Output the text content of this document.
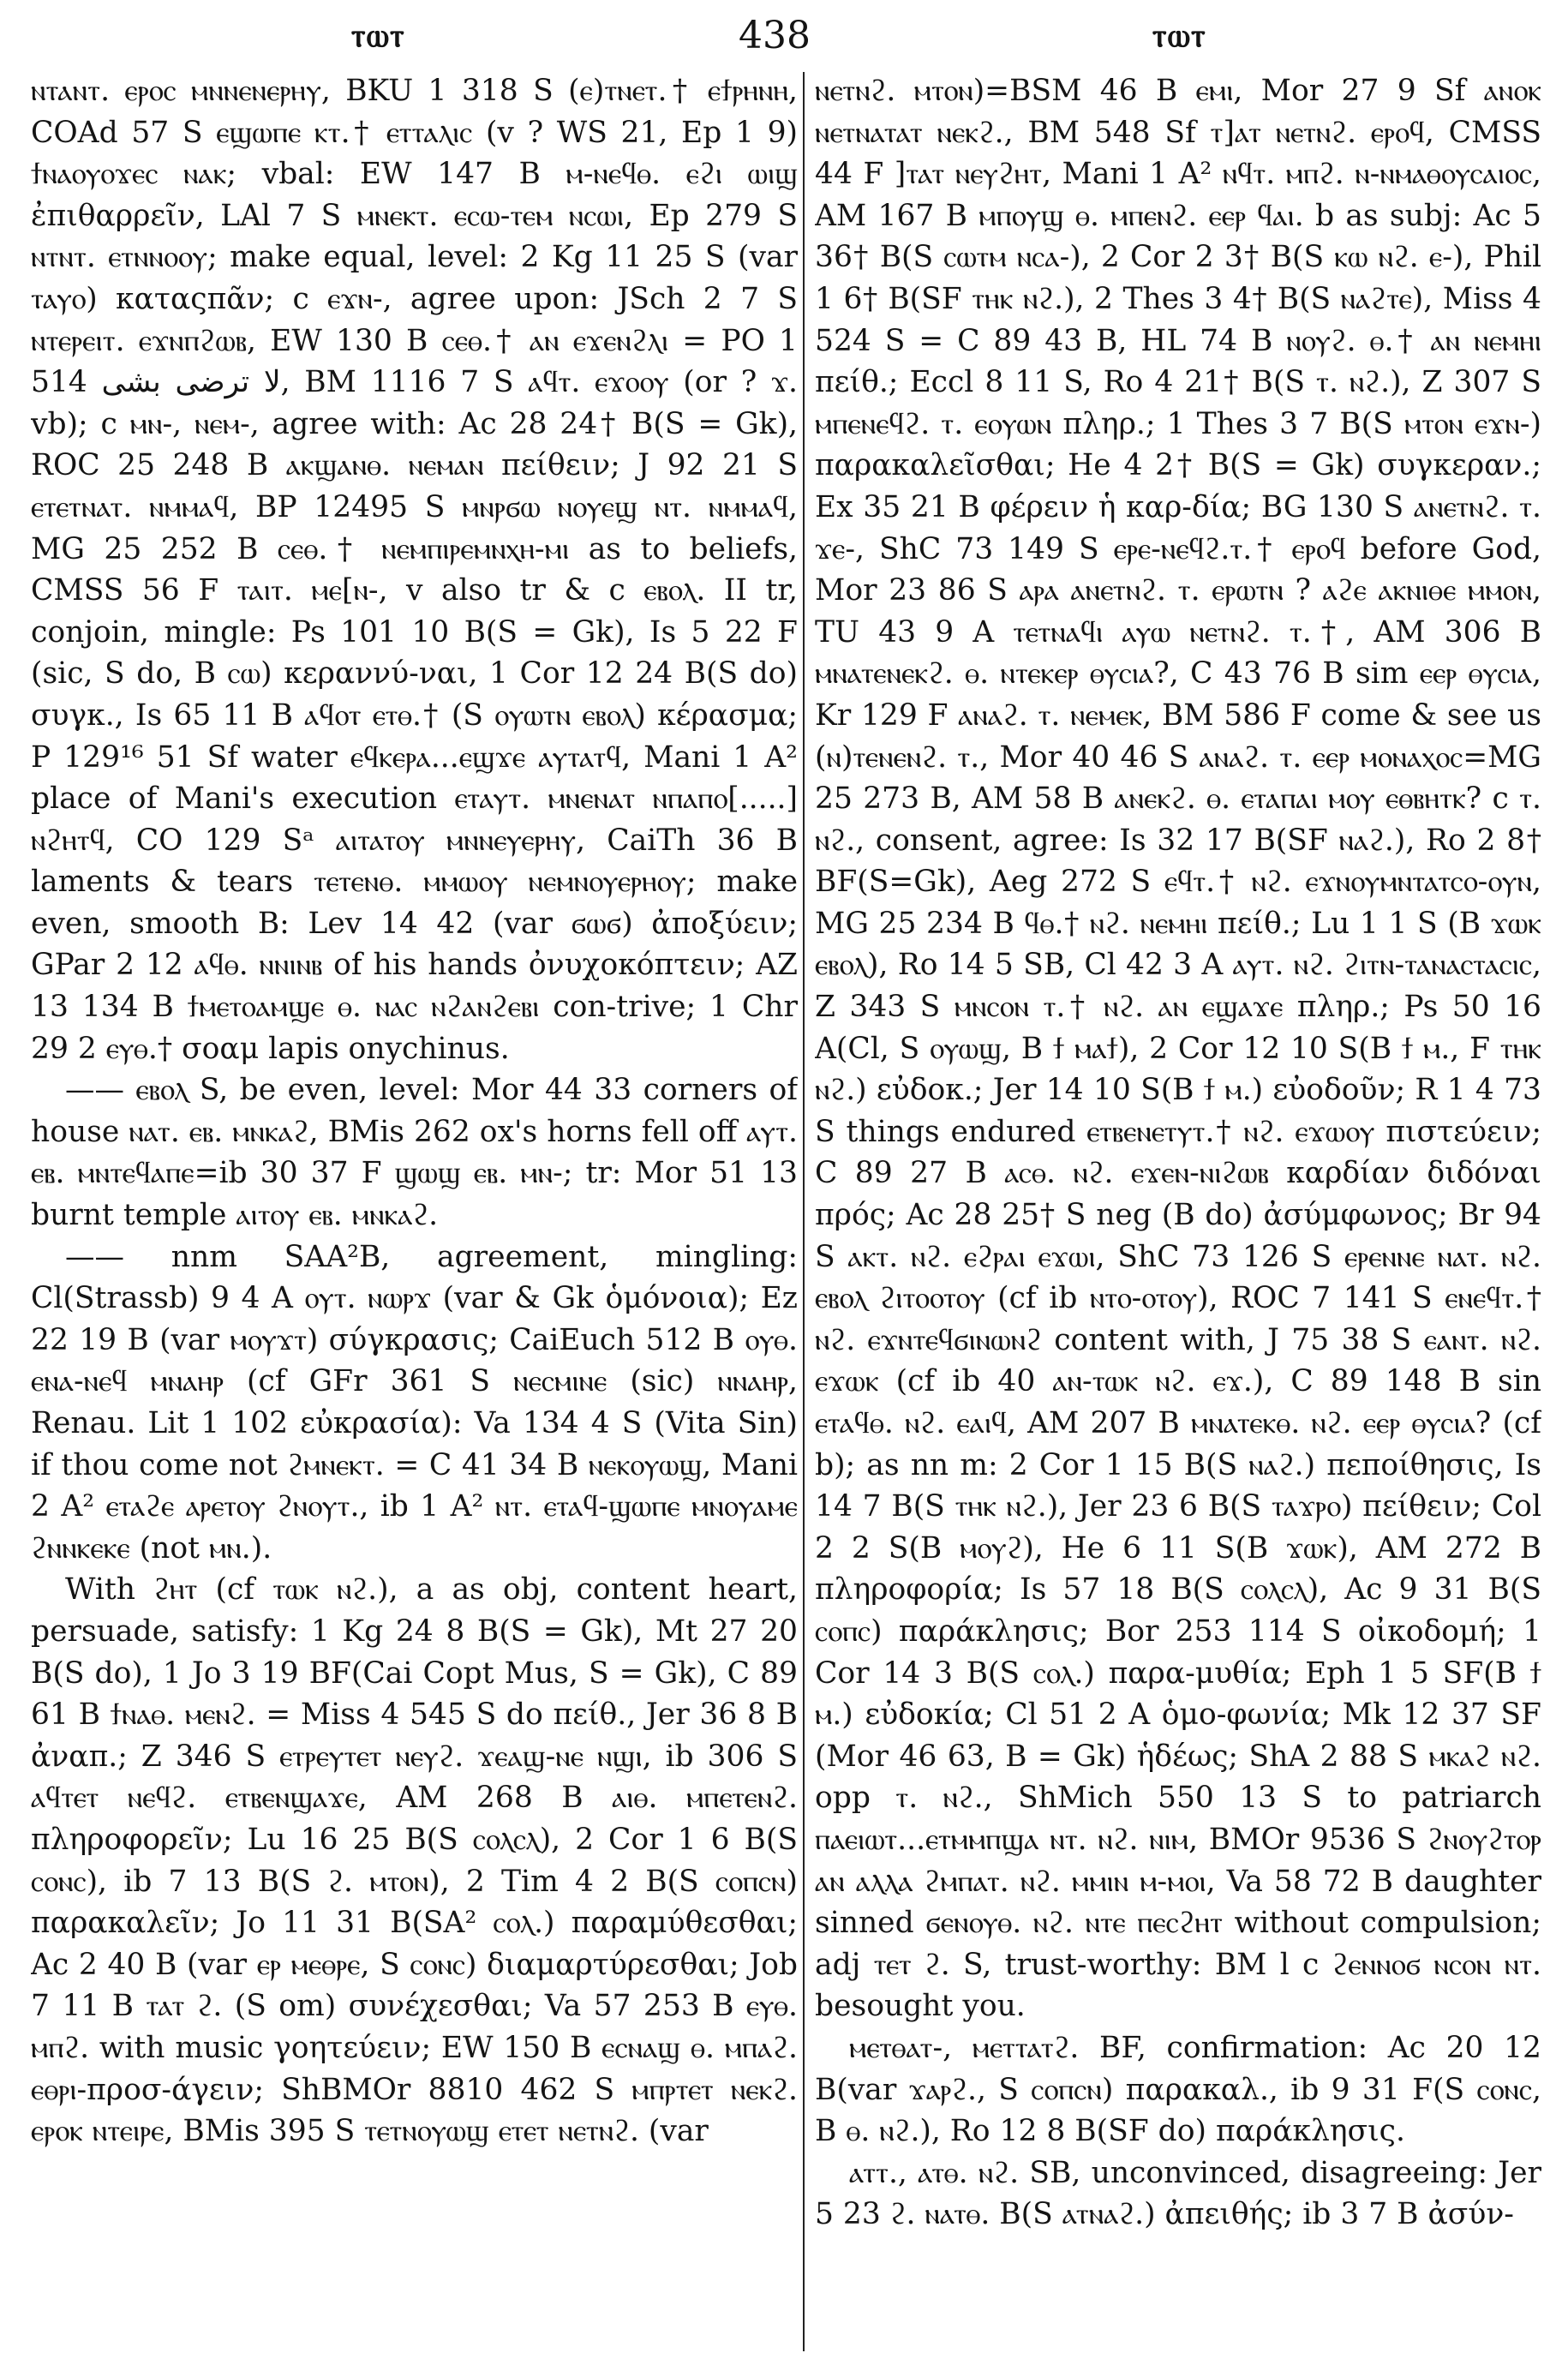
ⲧⲱⲧ	438	ⲧⲱⲧ

ⲛⲧⲁⲛⲧ. ⲉⲣⲟⲥ ⲙⲛⲛⲉⲛⲉⲣⲏⲩ, BKU 1 318 S (ⲉ)ⲧⲛⲉⲧ.† ⲉϯⲣⲏⲛⲏ, COAd 57 S ⲉϣⲱⲡⲉ ⲕⲧ.† ⲉⲧⲧⲁⲗⲓⲥ (v ? WS 21, Ep 1 9) ϯⲛⲁⲟⲩⲟϫⲉⲥ ⲛⲁⲕ; vbal: EW 147 B ⲙ-ⲛⲉϥⲑ. ⲉϩⲓ ⲱⲓϣ ἐπιθαρρεῖν, LAl 7 S ⲙⲛⲉⲕⲧ. ⲉⲥⲱ-ⲧⲉⲙ ⲛⲥⲱⲓ, Ep 279 S ⲛⲧⲛⲧ. ⲉⲧⲛⲛⲟⲟⲩ; make equal, level: 2 Kg 11 25 S (var ⲧⲁⲩⲟ) καταςπᾶν; c ⲉϫⲛ-, agree upon: JSch 2 7 S ⲛⲧⲉⲣⲉⲓⲧ. ⲉϫⲛⲡϩⲱⲃ, EW 130 B ⲥⲉⲑ.† ⲁⲛ ⲉϫⲉⲛϩⲗⲓ = PO 1 514 لا ترضى بشى, BM 1116 7 S ⲁϥⲧ. ⲉϫⲟⲟⲩ (or ? ϫ. vb); c ⲙⲛ-, ⲛⲉⲙ-, agree with: Ac 28 24† B(S = Gk), ROC 25 248 B ⲁⲕϣⲁⲛⲑ. ⲛⲉⲙⲁⲛ πείθειν; J 92 21 S ⲉⲧⲉⲧⲛⲁⲧ. ⲛⲙⲙⲁϥ, BP 12495 S ⲙⲛⲣϭⲱ ⲛⲟⲩⲉϣ ⲛⲧ. ⲛⲙⲙⲁϥ, MG 25 252 B ⲥⲉⲑ.† ⲛⲉⲙⲡⲓⲣⲉⲙⲛⲭⲏ-ⲙⲓ as to beliefs, CMSS 56 F ⲧⲁⲓⲧ. ⲙⲉ[ⲛ-, v also tr & c ⲉⲃⲟⲗ. II tr, conjoin, mingle: Ps 101 10 B(S = Gk), Is 5 22 F (sic, S do, B ⲥⲱ) κεραννύ-ναι, 1 Cor 12 24 B(S do) συγκ., Is 65 11 B ⲁϥⲟⲧ ⲉⲧⲑ.† (S ⲟⲩⲱⲧⲛ ⲉⲃⲟⲗ) κέρασμα; P 129¹⁶ 51 Sf water ⲉϥⲕⲉⲣⲁ...ⲉϣϫⲉ ⲁⲩⲧⲁⲧϥ, Mani 1 A² place of Mani's execution ⲉⲧⲁⲩⲧ. ⲙⲛⲉⲛⲁⲧ ⲛⲡⲁⲡⲟ[.....] ⲛϩⲏⲧϥ, CO 129 Sᵃ ⲁⲓⲧⲁⲧⲟⲩ ⲙⲛⲛⲉⲩⲉⲣⲏⲩ, CaiTh 36 B laments & tears ⲧⲉⲧⲉⲛⲑ. ⲙⲙⲱⲟⲩ ⲛⲉⲙⲛⲟⲩⲉⲣⲏⲟⲩ; make even, smooth B: Lev 14 42 (var ϭⲱϭ) ἀποξύειν; GPar 2 12 ⲁϥⲑ. ⲛⲛⲓⲛⲃ of his hands ὀνυχοκόπτειν; AZ 13 134 B ϯⲙⲉⲧⲟⲁⲙϣⲉ ⲑ. ⲛⲁⲥ ⲛϩⲁⲛϩⲉⲃⲓ con-trive; 1 Chr 29 2 ⲉⲩⲑ.† σοαμ lapis onychinus.

—— ⲉⲃⲟⲗ S, be even, level: Mor 44 33 corners of house ⲛⲁⲧ. ⲉⲃ. ⲙⲛⲕⲁϩ, BMis 262 ox's horns fell off ⲁⲩⲧ. ⲉⲃ. ⲙⲛⲧⲉϥⲁⲡⲉ=ib 30 37 F ϣⲱϣ ⲉⲃ. ⲙⲛ-; tr: Mor 51 13 burnt temple ⲁⲓⲧⲟⲩ ⲉⲃ. ⲙⲛⲕⲁϩ.

—— nnm SAA²B, agreement, mingling: Cl(Strassb) 9 4 A ⲟⲩⲧ. ⲛⲱⲣϫ (var & Gk ὁμόνοια); Ez 22 19 B (var ⲙⲟⲩϫⲧ) σύγκρασις; CaiEuch 512 B ⲟⲩⲑ. ⲉⲛⲁ-ⲛⲉϥ ⲙⲛⲁⲏⲣ (cf GFr 361 S ⲛⲉⲥⲙⲓⲛⲉ (sic) ⲛⲛⲁⲏⲣ, Renau. Lit 1 102 εὐκρασία): Va 134 4 S (Vita Sin) if thou come not ϩⲙⲛⲉⲕⲧ. = C 41 34 B ⲛⲉⲕⲟⲩⲱϣ, Mani 2 A² ⲉⲧⲁϩⲉ ⲁⲣⲉⲧⲟⲩ ϩⲛⲟⲩⲧ., ib 1 A² ⲛⲧ. ⲉⲧⲁϥ-ϣⲱⲡⲉ ⲙⲛⲟⲩⲁⲙⲉ ϩⲛⲛⲕⲉⲕⲉ (not ⲙⲛ.).

With ϩⲏⲧ (cf ⲧⲱⲕ ⲛϩ.), a as obj, content heart, persuade, satisfy: 1 Kg 24 8 B(S = Gk), Mt 27 20 B(S do), 1 Jo 3 19 BF(Cai Copt Mus, S = Gk), C 89 61 B ϯⲛⲁⲑ. ⲙⲉⲛϩ. = Miss 4 545 S do πείθ., Jer 36 8 B ἀναπ.; Z 346 S ⲉⲧⲣⲉⲩⲧⲉⲧ ⲛⲉⲩϩ. ϫⲉⲁϣ-ⲛⲉ ⲛϣⲓ, ib 306 S ⲁϥⲧⲉⲧ ⲛⲉϥϩ. ⲉⲧⲃⲉⲛϣⲁϫⲉ, AM 268 B ⲁⲓⲑ. ⲙⲡⲉⲧⲉⲛϩ. πληροφορεῖν; Lu 16 25 B(S ⲥⲟⲗⲥⲗ), 2 Cor 1 6 B(S ⲥⲟⲛⲥ), ib 7 13 B(S ϩ. ⲙⲧⲟⲛ), 2 Tim 4 2 B(S ⲥⲟⲡⲥⲛ) παρακαλεῖν; Jo 11 31 B(SA² ⲥⲟⲗ.) παραμύθεσθαι; Ac 2 40 B (var ⲉⲣ ⲙⲉⲑⲣⲉ, S ⲥⲟⲛⲥ) διαμαρτύρεσθαι; Job 7 11 B ⲧⲁⲧ ϩ. (S om) συνέχεσθαι; Va 57 253 B ⲉⲩⲑ. ⲙⲡϩ. with music γοητεύειν; EW 150 B ⲉⲥⲛⲁϣ ⲑ. ⲙⲡⲁϩ. ⲉⲑⲣⲓ-προσ-άγειν; ShBMOr 8810 462 S ⲙⲡⲣⲧⲉⲧ ⲛⲉⲕϩ. ⲉⲣⲟⲕ ⲛⲧⲉⲓⲣⲉ, BMis 395 S ⲧⲉⲧⲛⲟⲩⲱϣ ⲉⲧⲉⲧ ⲛⲉⲧⲛϩ. (var

ⲛⲉⲧⲛϩ. ⲙⲧⲟⲛ)=BSM 46 B ⲉⲙⲓ, Mor 27 9 Sf ⲁⲛⲟⲕ ⲛⲉⲧⲛⲁⲧⲁⲧ ⲛⲉⲕϩ., BM 548 Sf ⲧ]ⲁⲧ ⲛⲉⲧⲛϩ. ⲉⲣⲟϥ, CMSS 44 F ]ⲧⲁⲧ ⲛⲉⲩϩⲏⲧ, Mani 1 A² ⲛϥⲧ. ⲙⲡϩ. ⲛ-ⲛⲙⲁⲑⲟⲩⲥⲁⲓⲟⲥ, AM 167 B ⲙⲡⲟⲩϣ ⲑ. ⲙⲡⲉⲛϩ. ⲉⲉⲣ ϥⲁⲓ. b as subj: Ac 5 36† B(S ⲥⲱⲧⲙ ⲛⲥⲁ-), 2 Cor 2 3† B(S ⲕⲱ ⲛϩ. ⲉ-), Phil 1 6† B(SF ⲧⲏⲕ ⲛϩ.), 2 Thes 3 4† B(S ⲛⲁϩⲧⲉ), Miss 4 524 S = C 89 43 B, HL 74 B ⲛⲟⲩϩ. ⲑ.† ⲁⲛ ⲛⲉⲙⲏⲓ πείθ.; Eccl 8 11 S, Ro 4 21† B(S ⲧ. ⲛϩ.), Z 307 S ⲙⲡⲉⲛⲉϥϩ. ⲧ. ⲉⲟⲩⲱⲛ πληρ.; 1 Thes 3 7 B(S ⲙⲧⲟⲛ ⲉϫⲛ-) παρακαλεῖσθαι; He 4 2† B(S = Gk) συγκεραν.; Ex 35 21 B φέρειν ἡ καρ-δία; BG 130 S ⲁⲛⲉⲧⲛϩ. ⲧ. ϫⲉ-, ShC 73 149 S ⲉⲣⲉ-ⲛⲉϥϩ.ⲧ.† ⲉⲣⲟϥ before God, Mor 23 86 S ⲁⲣⲁ ⲁⲛⲉⲧⲛϩ. ⲧ. ⲉⲣⲱⲧⲛ ? ⲁϩⲉ ⲁⲕⲛⲓⲑⲉ ⲙⲙⲟⲛ, TU 43 9 A ⲧⲉⲧⲛⲁϥⲓ ⲁⲩⲱ ⲛⲉⲧⲛϩ. ⲧ.†, AM 306 B ⲙⲛⲁⲧⲉⲛⲉⲕϩ. ⲑ. ⲛⲧⲉⲕⲉⲣ ⲑⲩⲥⲓⲁ?, C 43 76 B sim ⲉⲉⲣ ⲑⲩⲥⲓⲁ, Kr 129 F ⲁⲛⲁϩ. ⲧ. ⲛⲉⲙⲉⲕ, BM 586 F come & see us (ⲛ)ⲧⲉⲛⲉⲛϩ. ⲧ., Mor 40 46 S ⲁⲛⲁϩ. ⲧ. ⲉⲉⲣ ⲙⲟⲛⲁⲭⲟⲥ=MG 25 273 B, AM 58 B ⲁⲛⲉⲕϩ. ⲑ. ⲉⲧⲁⲡⲁⲓ ⲙⲟⲩ ⲉⲑⲃⲏⲧⲕ? c ⲧ. ⲛϩ., consent, agree: Is 32 17 B(SF ⲛⲁϩ.), Ro 2 8† BF(S=Gk), Aeg 272 S ⲉϥⲧ.† ⲛϩ. ⲉϫⲛⲟⲩⲙⲛⲧⲁⲧⲥⲟ-ⲟⲩⲛ, MG 25 234 B ϥⲑ.† ⲛϩ. ⲛⲉⲙⲏⲓ πείθ.; Lu 1 1 S (B ϫⲱⲕ ⲉⲃⲟⲗ), Ro 14 5 SB, Cl 42 3 A ⲁⲩⲧ. ⲛϩ. ϩⲓⲧⲛ-ⲧⲁⲛⲁⲥⲧⲁⲥⲓⲥ, Z 343 S ⲙⲛⲥⲟⲛ ⲧ.† ⲛϩ. ⲁⲛ ⲉϣⲁϫⲉ πληρ.; Ps 50 16 A(Cl, S ⲟⲩⲱϣ, B ϯ ⲙⲁϯ), 2 Cor 12 10 S(B ϯ ⲙ., F ⲧⲏⲕ ⲛϩ.) εὐδοκ.; Jer 14 10 S(B ϯ ⲙ.) εὐοδοῦν; R 1 4 73 S things endured ⲉⲧⲃⲉⲛⲉⲧⲩⲧ.† ⲛϩ. ⲉϫⲱⲟⲩ πιστεύειν; C 89 27 B ⲁⲥⲑ. ⲛϩ. ⲉϫⲉⲛ-ⲛⲓϩⲱⲃ καρδίαν διδόναι πρός; Ac 28 25† S neg (B do) ἀσύμφωνος; Br 94 S ⲁⲕⲧ. ⲛϩ. ⲉϩⲣⲁⲓ ⲉϫⲱⲓ, ShC 73 126 S ⲉⲣⲉⲛⲛⲉ ⲛⲁⲧ. ⲛϩ. ⲉⲃⲟⲗ ϩⲓⲧⲟⲟⲧⲟⲩ (cf ib ⲛⲧⲟ-ⲟⲧⲟⲩ), ROC 7 141 S ⲉⲛⲉϥⲧ.† ⲛϩ. ⲉϫⲛⲧⲉϥϭⲓⲛⲱⲛϩ content with, J 75 38 S ⲉⲁⲛⲧ. ⲛϩ. ⲉϫⲱⲕ (cf ib 40 ⲁⲛ-ⲧⲱⲕ ⲛϩ. ⲉϫ.), C 89 148 B sin ⲉⲧⲁϥⲑ. ⲛϩ. ⲉⲁⲓϥ, AM 207 B ⲙⲛⲁⲧⲉⲕⲑ. ⲛϩ. ⲉⲉⲣ ⲑⲩⲥⲓⲁ? (cf b); as nn m: 2 Cor 1 15 B(S ⲛⲁϩ.) πεποίθησις, Is 14 7 B(S ⲧⲏⲕ ⲛϩ.), Jer 23 6 B(S ⲧⲁϫⲣⲟ) πείθειν; Col 2 2 S(B ⲙⲟⲩϩ), He 6 11 S(B ϫⲱⲕ), AM 272 B πληροφορία; Is 57 18 B(S ⲥⲟⲗⲥⲗ), Ac 9 31 B(S ⲥⲟⲡⲥ) παράκλησις; Bor 253 114 S οἰκοδομή; 1 Cor 14 3 B(S ⲥⲟⲗ.) παρα-μυθία; Eph 1 5 SF(B ϯ ⲙ.) εὐδοκία; Cl 51 2 A ὁμο-φωνία; Mk 12 37 SF (Mor 46 63, B = Gk) ἡδέως; ShA 2 88 S ⲙⲕⲁϩ ⲛϩ. opp ⲧ. ⲛϩ., ShMich 550 13 S to patriarch ⲡⲁⲉⲓⲱⲧ...ⲉⲧⲙⲙⲡϣⲁ ⲛⲧ. ⲛϩ. ⲛⲓⲙ, BMOr 9536 S ϩⲛⲟⲩϩⲧⲟⲣ ⲁⲛ ⲁⲗⲗⲁ ϩⲙⲡⲁⲧ. ⲛϩ. ⲙⲙⲓⲛ ⲙ-ⲙⲟⲓ, Va 58 72 B daughter sinned ϭⲉⲛⲟⲩⲑ. ⲛϩ. ⲛⲧⲉ ⲡⲉⲥϩⲏⲧ without compulsion; adj ⲧⲉⲧ ϩ. S, trust-worthy: BM l c ϩⲉⲛⲛⲟϭ ⲛⲥⲟⲛ ⲛⲧ. besought you.

ⲙⲉⲧⲑⲁⲧ-, ⲙⲉⲧⲧⲁⲧϩ. BF, confirmation: Ac 20 12 B(var ϫⲁⲣϩ., S ⲥⲟⲡⲥⲛ) παρακαλ., ib 9 31 F(S ⲥⲟⲛⲥ, B ⲑ. ⲛϩ.), Ro 12 8 B(SF do) παράκλησις.

ⲁⲧⲧ., ⲁⲧⲑ. ⲛϩ. SB, unconvinced, disagreeing: Jer 5 23 ϩ. ⲛⲁⲧⲑ. B(S ⲁⲧⲛⲁϩ.) ἀπειθής; ib 3 7 B ἀσύν-
